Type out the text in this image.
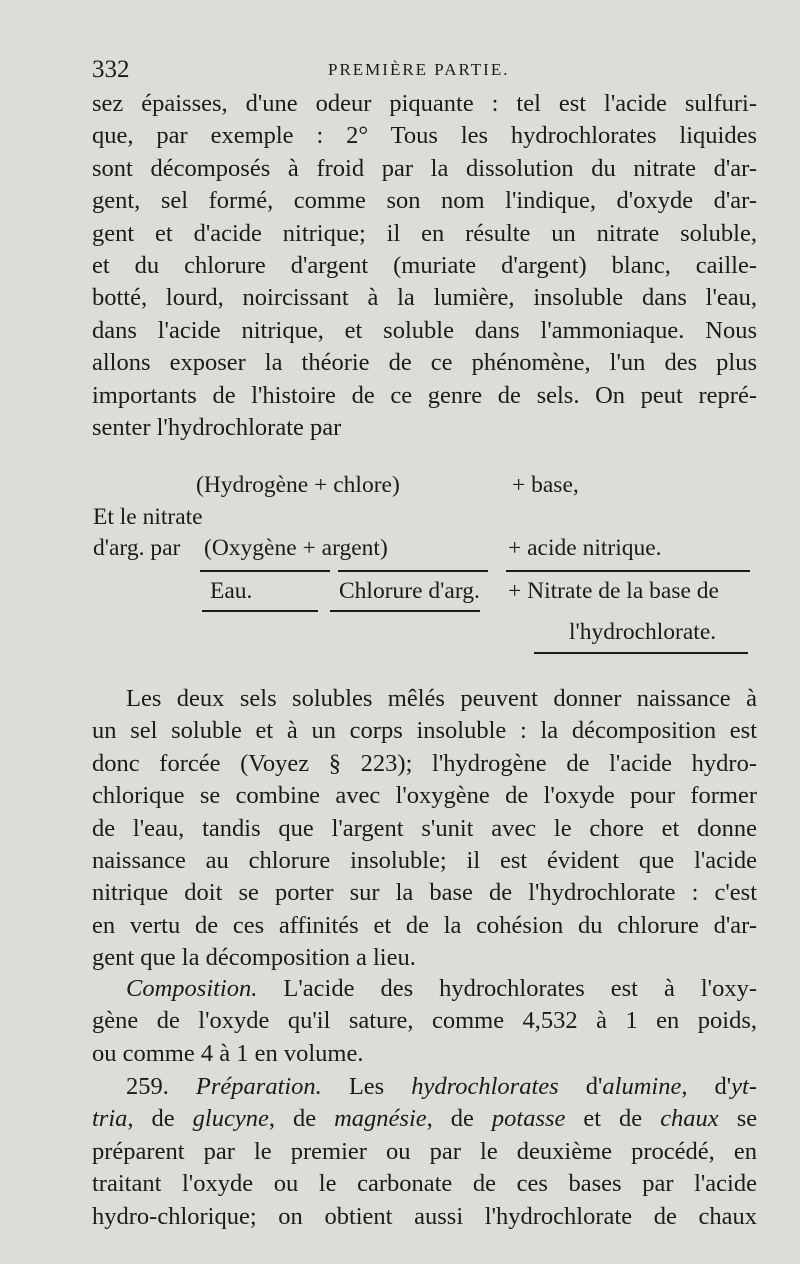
332	PREMIÈRE PARTIE.
sez épaisses, d'une odeur piquante : tel est l'acide sulfuri-
que, par exemple : 2° Tous les hydrochlorates liquides
sont décomposés à froid par la dissolution du nitrate d'ar-
gent, sel formé, comme son nom l'indique, d'oxyde d'ar-
gent et d'acide nitrique; il en résulte un nitrate soluble,
et du chlorure d'argent (muriate d'argent) blanc, caille-
botté, lourd, noircissant à la lumière, insoluble dans l'eau,
dans l'acide nitrique, et soluble dans l'ammoniaque. Nous
allons exposer la théorie de ce phénomène, l'un des plus
importants de l'histoire de ce genre de sels. On peut repré-
senter l'hydrochlorate par
(Hydrogène + chlore)	+ base,
Et le nitrate
d'arg. par (Oxygène + argent)	+ acide nitrique.
Eau.	Chlorure d'arg. + Nitrate de la base de
l'hydrochlorate.
Les deux sels solubles mêlés peuvent donner naissance à
un sel soluble et à un corps insoluble : la décomposition est
donc forcée (Voyez § 223); l'hydrogène de l'acide hydro-
chlorique se combine avec l'oxygène de l'oxyde pour former
de l'eau, tandis que l'argent s'unit avec le chore et donne
naissance au chlorure insoluble; il est évident que l'acide
nitrique doit se porter sur la base de l'hydrochlorate : c'est
en vertu de ces affinités et de la cohésion du chlorure d'ar-
gent que la décomposition a lieu.
Composition. L'acide des hydrochlorates est à l'oxy-
gène de l'oxyde qu'il sature, comme 4,532 à 1 en poids,
ou comme 4 à 1 en volume.
259. Préparation. Les hydrochlorates d'alumine, d'yt-
tria, de glucyne, de magnésie, de potasse et de chaux se
préparent par le premier ou par le deuxième procédé, en
traitant l'oxyde ou le carbonate de ces bases par l'acide
hydro-chlorique; on obtient aussi l'hydrochlorate de chaux
